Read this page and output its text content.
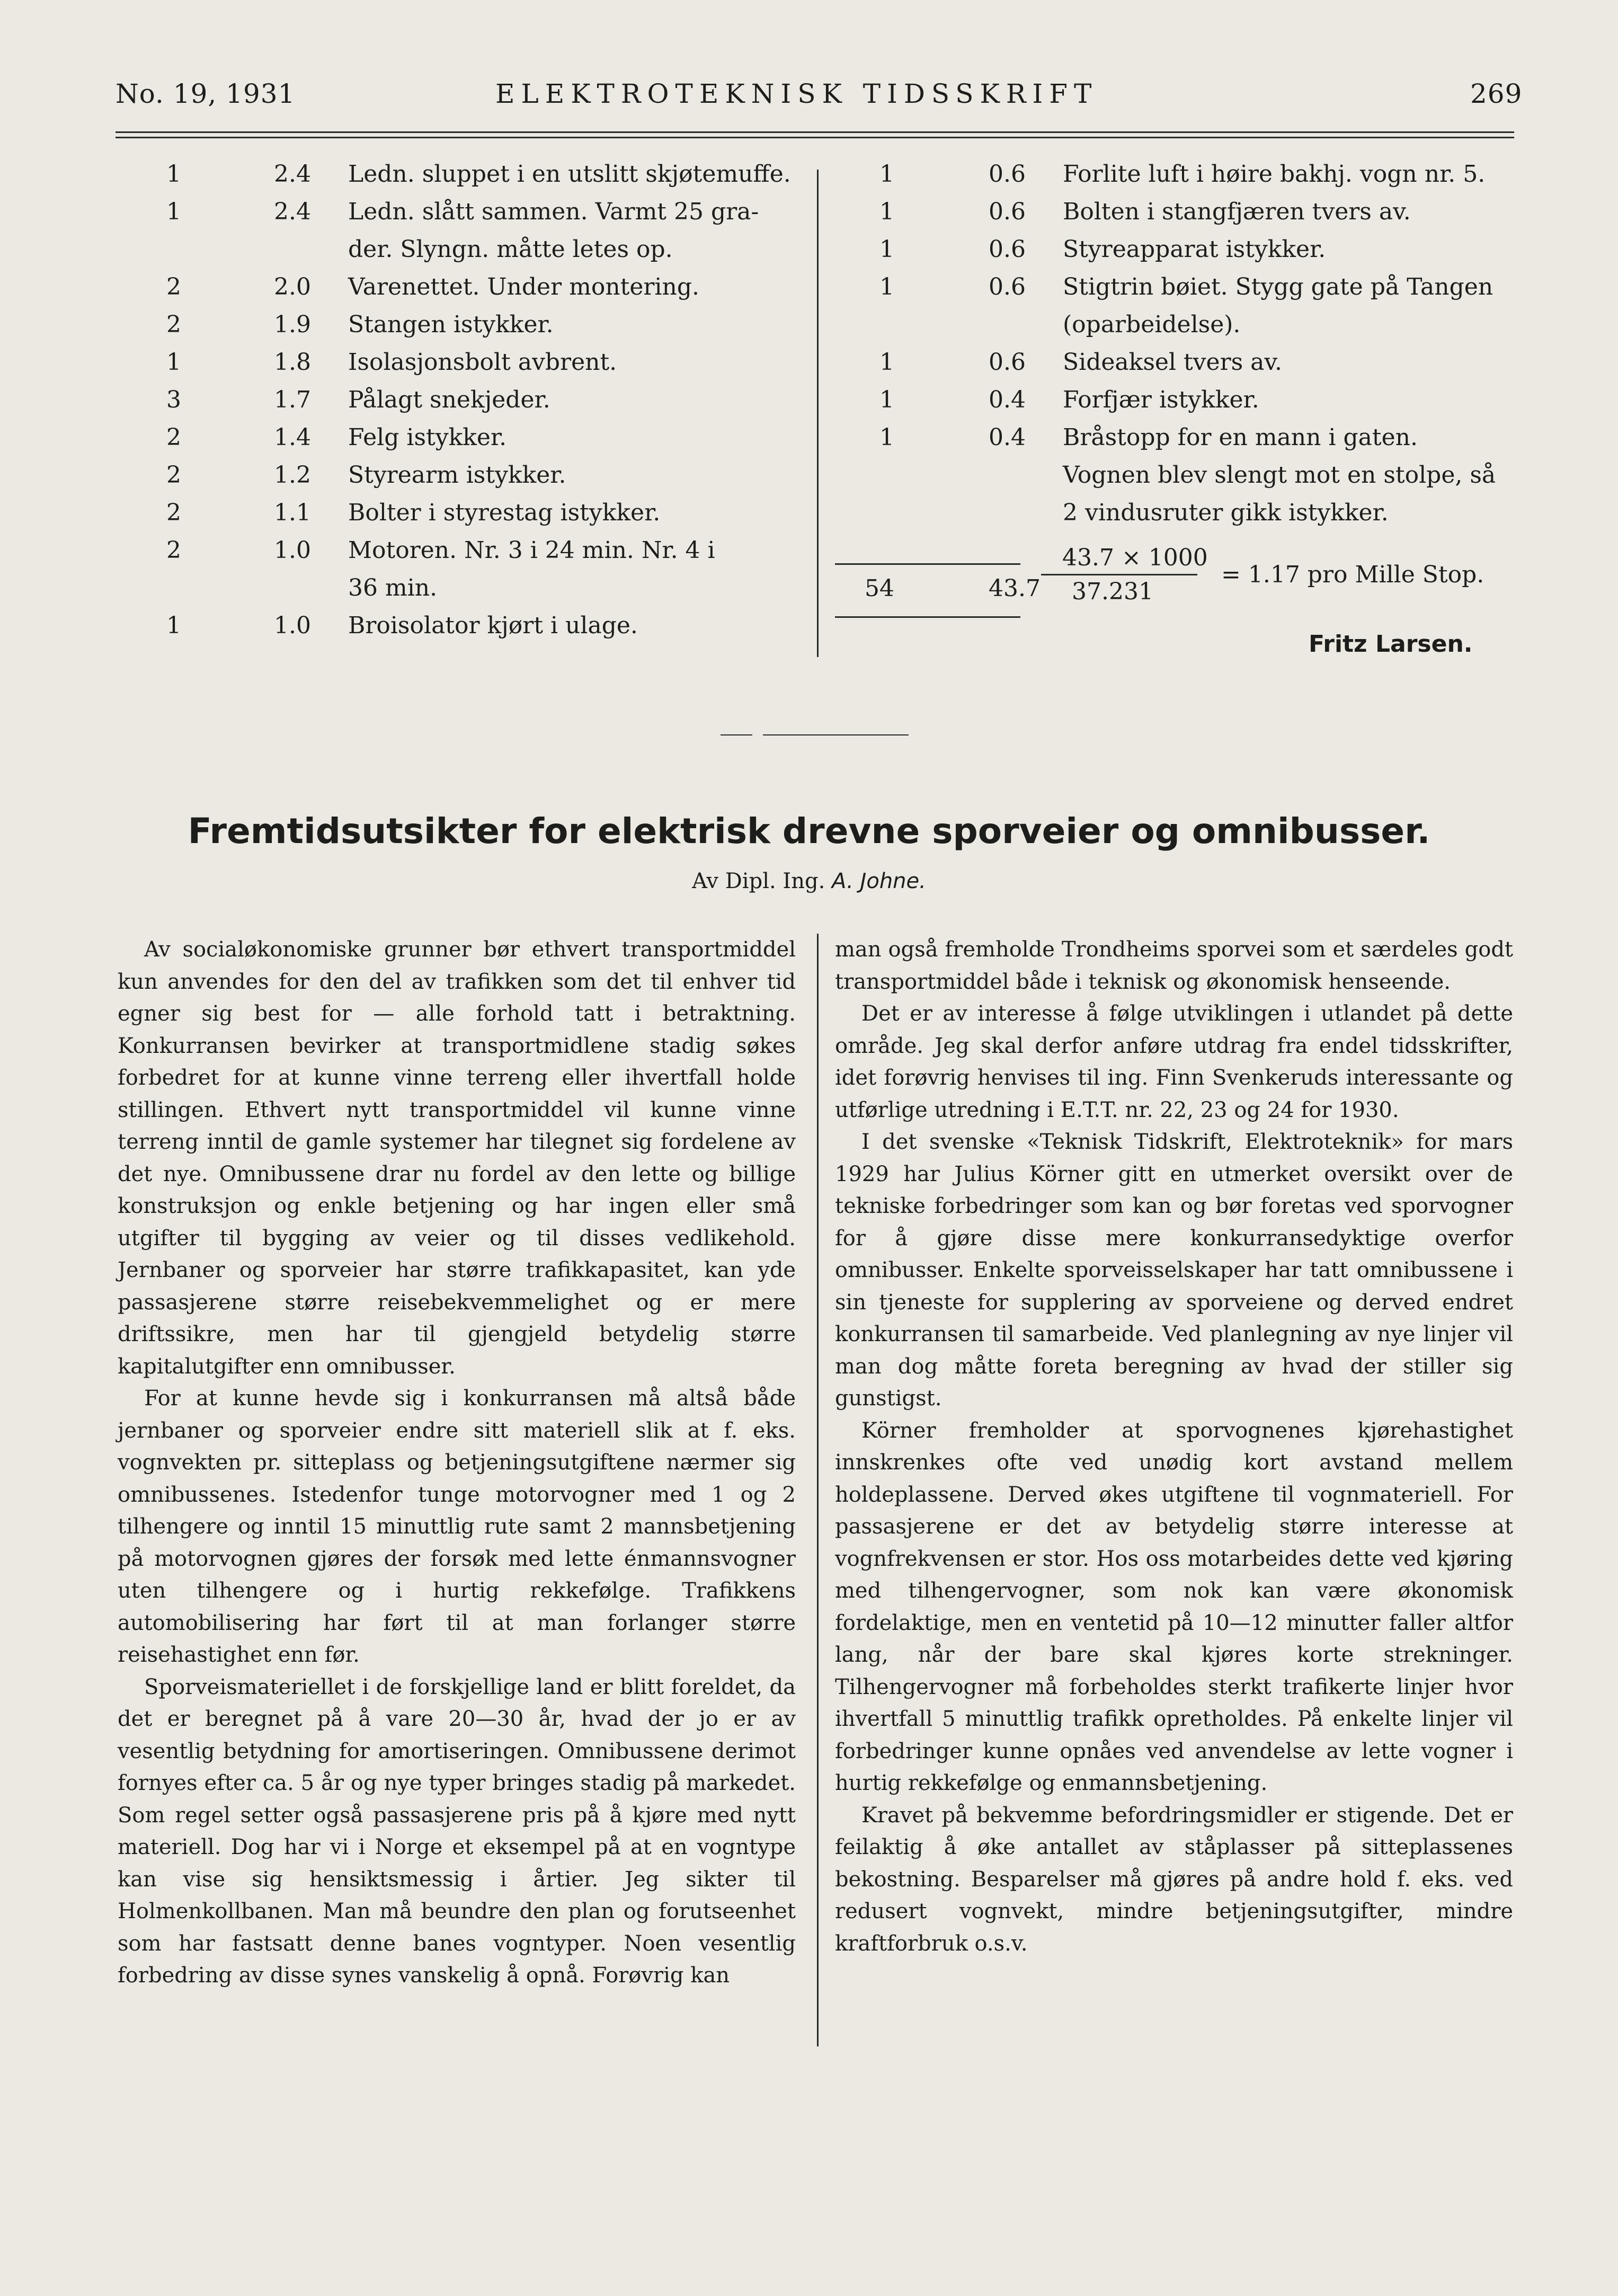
No. 19, 1931	ELEKTROTEKNISK TIDSSKRIFT	269
1	2.4 Ledn. sluppet i en utslitt skjøtemuffe.
1	2.4 Ledn. slått sammen. Varmt 25 gra-
der. Slyngn. måtte letes op.
2	2.0 Varenettet. Under montering.
2	1.9 Stangen istykker.
1	1.8 Isolasjonsbolt avbrent.
3	1.7 Pålagt snekjeder.
2	1.4 Felg istykker.
2	1.2 Styrearm istykker.
2	1.1 Bolter i styrestag istykker.
2	1.0 Motoren. Nr. 3 i 24 min. Nr. 4 i
36 min.
1	1.0 Broisolator kjørt i ulage.
1	0.6 Forlite luft i høire bakhj. vogn nr. 5.
1	0.6 Bolten i stangfjæren tvers av.
1	0.6 Styreapparat istykker.
1	0.6 Stigtrin bøiet. Stygg gate på Tangen
(oparbeidelse).
1	0.6 Sideaksel tvers av.
1	0.4 Forfjær istykker.
1	0.4 Bråstopp for en mann i gaten.
Vognen blev slengt mot en stolpe, så
2 vindusruter gikk istykker.
54	43.7
43.7 × 1000
37.231
= 1.17 pro Mille Stop.
Fritz Larsen.
Fremtidsutsikter for elektrisk drevne sporveier og omnibusser.
Av Dipl. Ing. A. Johne.

Av socialøkonomiske grunner bør ethvert transportmiddel kun anvendes for den del av trafikken som det til enhver tid egner sig best for — alle forhold tatt i betraktning. Konkurransen bevirker at transportmidlene stadig søkes forbedret for at kunne vinne terreng eller ihvertfall holde stillingen. Ethvert nytt transportmiddel vil kunne vinne terreng inntil de gamle systemer har tilegnet sig fordelene av det nye. Omnibussene drar nu fordel av den lette og billige konstruksjon og enkle betjening og har ingen eller små utgifter til bygging av veier og til disses vedlikehold. Jernbaner og sporveier har større trafikkapasitet, kan yde passasjerene større reisebekvemmelighet og er mere driftssikre, men har til gjengjeld betydelig større kapitalutgifter enn omnibusser.

For at kunne hevde sig i konkurransen må altså både jernbaner og sporveier endre sitt materiell slik at f. eks. vognvekten pr. sitteplass og betjeningsutgiftene nærmer sig omnibussenes. Istedenfor tunge motorvogner med 1 og 2 tilhengere og inntil 15 minuttlig rute samt 2 mannsbetjening på motorvognen gjøres der forsøk med lette énmannsvogner uten tilhengere og i hurtig rekkefølge. Trafikkens automobilisering har ført til at man forlanger større reisehastighet enn før.

Sporveismateriellet i de forskjellige land er blitt foreldet, da det er beregnet på å vare 20—30 år, hvad der jo er av vesentlig betydning for amortiseringen. Omnibussene derimot fornyes efter ca. 5 år og nye typer bringes stadig på markedet. Som regel setter også passasjerene pris på å kjøre med nytt materiell. Dog har vi i Norge et eksempel på at en vogntype kan vise sig hensiktsmessig i årtier. Jeg sikter til Holmenkollbanen. Man må beundre den plan og forutseenhet som har fastsatt denne banes vogntyper. Noen vesentlig forbedring av disse synes vanskelig å opnå. Forøvrig kan

man også fremholde Trondheims sporvei som et særdeles godt transportmiddel både i teknisk og økonomisk henseende.

Det er av interesse å følge utviklingen i utlandet på dette område. Jeg skal derfor anføre utdrag fra endel tidsskrifter, idet forøvrig henvises til ing. Finn Svenkeruds interessante og utførlige utredning i E.T.T. nr. 22, 23 og 24 for 1930.

I det svenske «Teknisk Tidskrift, Elektroteknik» for mars 1929 har Julius Körner gitt en utmerket oversikt over de tekniske forbedringer som kan og bør foretas ved sporvogner for å gjøre disse mere konkurransedyktige overfor omnibusser. Enkelte sporveisselskaper har tatt omnibussene i sin tjeneste for supplering av sporveiene og derved endret konkurransen til samarbeide. Ved planlegning av nye linjer vil man dog måtte foreta beregning av hvad der stiller sig gunstigst.

Körner fremholder at sporvognenes kjørehastighet innskrenkes ofte ved unødig kort avstand mellem holdeplassene. Derved økes utgiftene til vognmateriell. For passasjerene er det av betydelig større interesse at vognfrekvensen er stor. Hos oss motarbeides dette ved kjøring med tilhengervogner, som nok kan være økonomisk fordelaktige, men en ventetid på 10—12 minutter faller altfor lang, når der bare skal kjøres korte strekninger. Tilhengervogner må forbeholdes sterkt trafikerte linjer hvor ihvertfall 5 minuttlig trafikk opretholdes. På enkelte linjer vil forbedringer kunne opnåes ved anvendelse av lette vogner i hurtig rekkefølge og enmannsbetjening.

Kravet på bekvemme befordringsmidler er stigende. Det er feilaktig å øke antallet av ståplasser på sitteplassenes bekostning. Besparelser må gjøres på andre hold f. eks. ved redusert vognvekt, mindre betjeningsutgifter, mindre kraftforbruk o.s.v.
